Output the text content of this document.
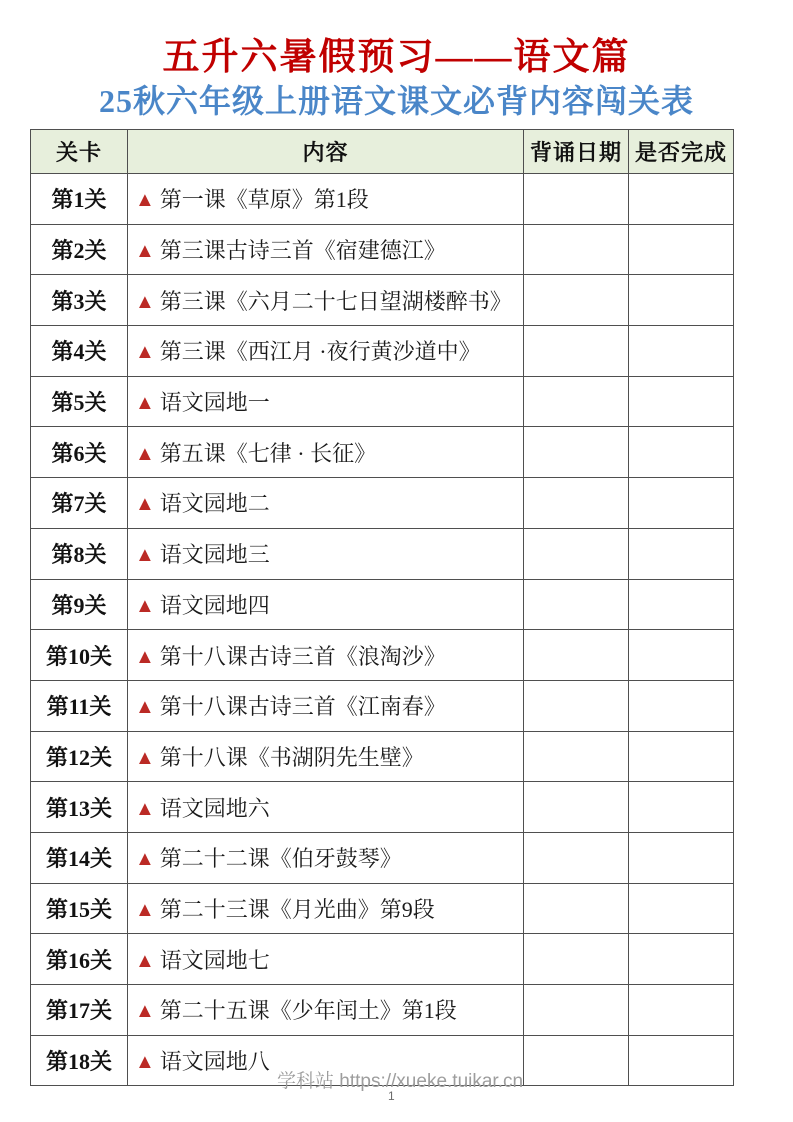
五升六暑假预习——语文篇
25秋六年级上册语文课文必背内容闯关表
关卡	内容	背诵日期	是否完成
第1关	▲ 第一课《草原》第1段		
第2关	▲ 第三课古诗三首《宿建德江》		
第3关	▲ 第三课《六月二十七日望湖楼醉书》		
第4关	▲ 第三课《西江月 ·夜行黄沙道中》		
第5关	▲ 语文园地一		
第6关	▲ 第五课《七律 · 长征》		
第7关	▲ 语文园地二		
第8关	▲ 语文园地三		
第9关	▲ 语文园地四		
第10关	▲ 第十八课古诗三首《浪淘沙》		
第11关	▲ 第十八课古诗三首《江南春》		
第12关	▲ 第十八课《书湖阴先生壁》		
第13关	▲ 语文园地六		
第14关	▲ 第二十二课《伯牙鼓琴》		
第15关	▲ 第二十三课《月光曲》第9段		
第16关	▲ 语文园地七		
第17关	▲ 第二十五课《少年闰土》第1段		
第18关	▲ 语文园地八		
学科站 https://xueke.tuikar.cn
1
